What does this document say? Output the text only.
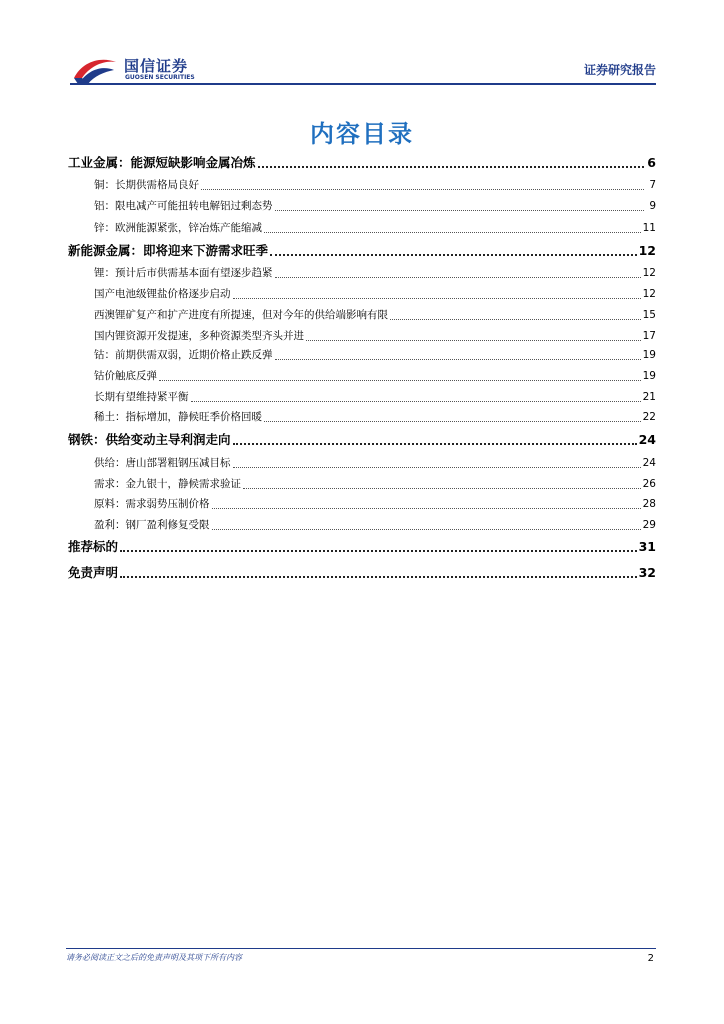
国信证券
GUOSEN SECURITIES
证券研究报告
内容目录
工业金属：能源短缺影响金属冶炼	6
铜：长期供需格局良好	7
铝：限电减产可能扭转电解铝过剩态势	9
锌：欧洲能源紧张，锌冶炼产能缩减	11
新能源金属：即将迎来下游需求旺季	12
锂：预计后市供需基本面有望逐步趋紧	12
国产电池级锂盐价格逐步启动	12
西澳锂矿复产和扩产进度有所提速，但对今年的供给端影响有限	15
国内锂资源开发提速，多种资源类型齐头并进	17
钴：前期供需双弱，近期价格止跌反弹	19
钴价触底反弹	19
长期有望维持紧平衡	21
稀土：指标增加，静候旺季价格回暖	22
钢铁：供给变动主导利润走向	24
供给：唐山部署粗钢压减目标	24
需求：金九银十，静候需求验证	26
原料：需求弱势压制价格	28
盈利：钢厂盈利修复受限	29
推荐标的	31
免责声明	32
请务必阅读正文之后的免责声明及其项下所有内容	2
